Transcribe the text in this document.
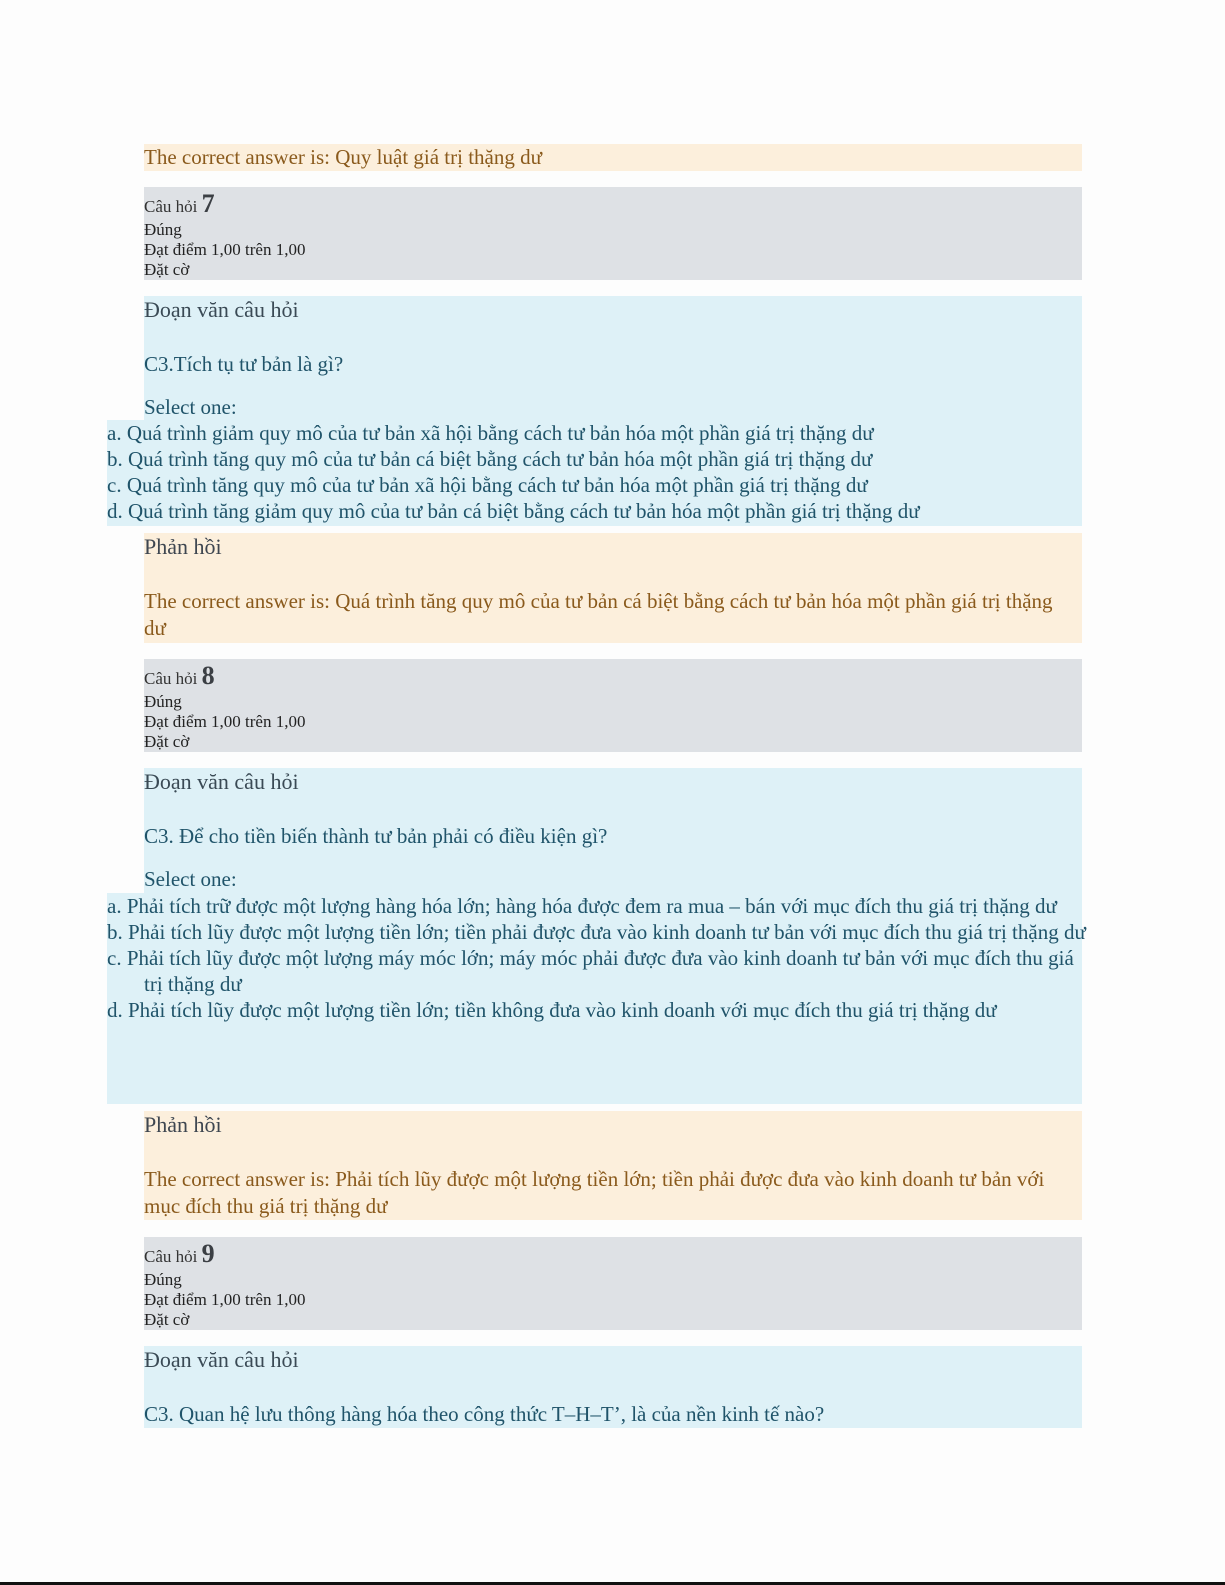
The correct answer is: Quy luật giá trị thặng dư
Câu hỏi 7
Đúng
Đạt điểm 1,00 trên 1,00
Đặt cờ
Đoạn văn câu hỏi
C3.Tích tụ tư bản là gì?
Select one:
a. Quá trình giảm quy mô của tư bản xã hội bằng cách tư bản hóa một phần giá trị thặng dư
b. Quá trình tăng quy mô của tư bản cá biệt bằng cách tư bản hóa một phần giá trị thặng dư
c. Quá trình tăng quy mô của tư bản xã hội bằng cách tư bản hóa một phần giá trị thặng dư
d. Quá trình tăng giảm quy mô của tư bản cá biệt bằng cách tư bản hóa một phần giá trị thặng dư
Phản hồi
The correct answer is: Quá trình tăng quy mô của tư bản cá biệt bằng cách tư bản hóa một phần giá trị thặng dư
Câu hỏi 8
Đúng
Đạt điểm 1,00 trên 1,00
Đặt cờ
Đoạn văn câu hỏi
C3. Để cho tiền biến thành tư bản phải có điều kiện gì?
Select one:
a. Phải tích trữ được một lượng hàng hóa lớn; hàng hóa được đem ra mua – bán với mục đích thu giá trị thặng dư
b. Phải tích lũy được một lượng tiền lớn; tiền phải được đưa vào kinh doanh tư bản với mục đích thu giá trị thặng dư
c. Phải tích lũy được một lượng máy móc lớn; máy móc phải được đưa vào kinh doanh tư bản với mục đích thu giá trị thặng dư
d. Phải tích lũy được một lượng tiền lớn; tiền không đưa vào kinh doanh với mục đích thu giá trị thặng dư
Phản hồi
The correct answer is: Phải tích lũy được một lượng tiền lớn; tiền phải được đưa vào kinh doanh tư bản với mục đích thu giá trị thặng dư
Câu hỏi 9
Đúng
Đạt điểm 1,00 trên 1,00
Đặt cờ
Đoạn văn câu hỏi
C3. Quan hệ lưu thông hàng hóa theo công thức T–H–T’, là của nền kinh tế nào?
